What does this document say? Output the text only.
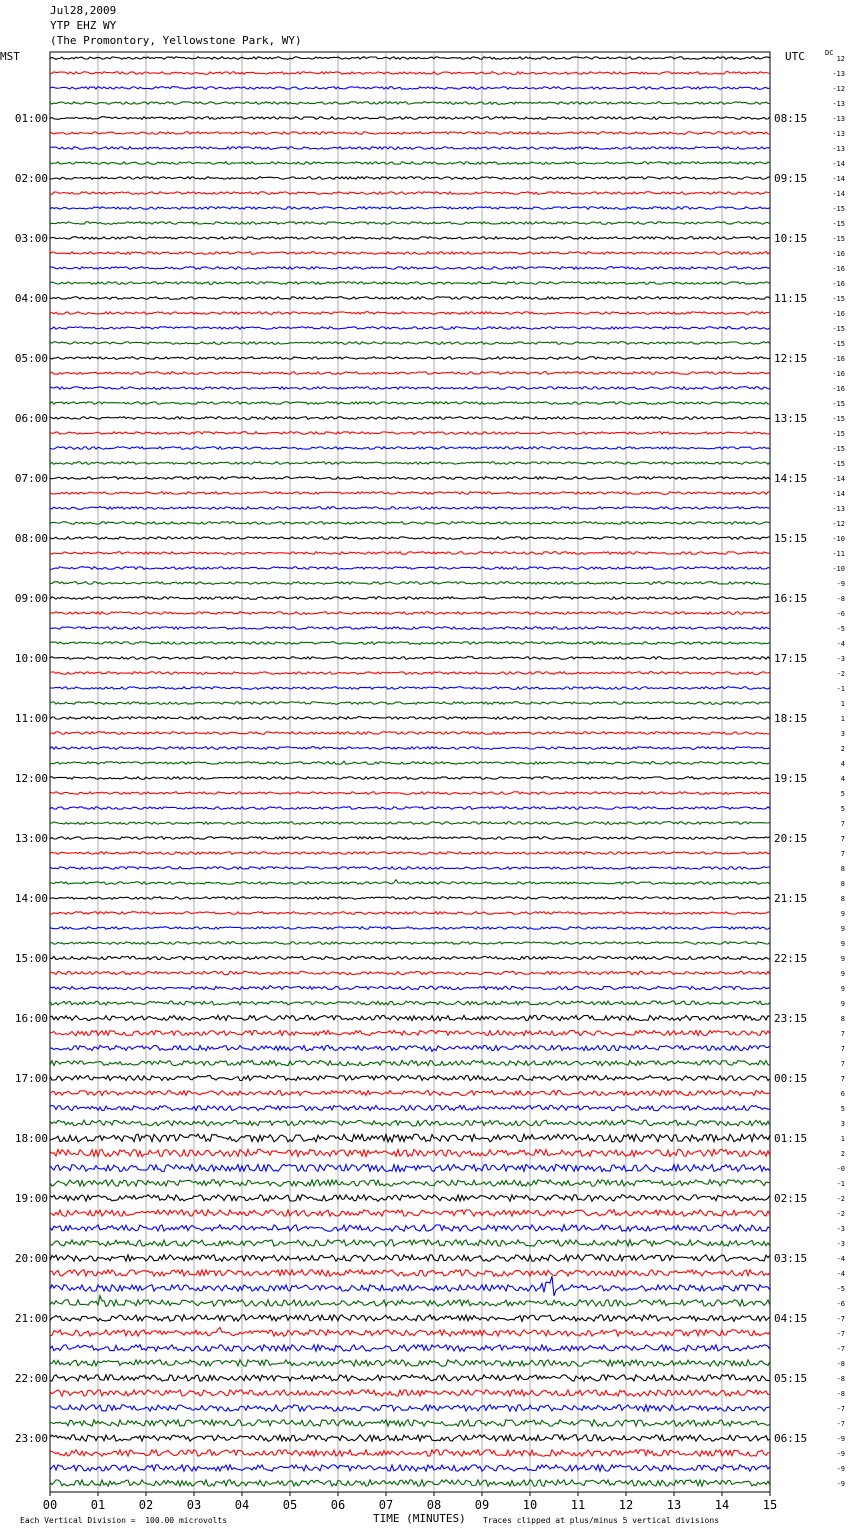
Jul28,2009
YTP EHZ WY
(The Promontory, Yellowstone Park, WY)
MST	UTC	DC
01:00
02:00
03:00
04:00
05:00
06:00
07:00
08:00
09:00
10:00
11:00
12:00
13:00
14:00
15:00
16:00
17:00
18:00
19:00
20:00
21:00
22:00
23:00
08:15
09:15
10:15
11:15
12:15
13:15
14:15
15:15
16:15
17:15
18:15
19:15
20:15
21:15
22:15
23:15
00:15
01:15
02:15
03:15
04:15
05:15
06:15
12
-13
-12
-13
-13
-13
-13
-14
-14
-14
-15
-15
-15
-16
-16
-16
-15
-16
-15
-15
-16
-16
-16
-15
-15
-15
-15
-15
-14
-14
-13
-12
-10
-11
-10
-9
-8
-6
-5
-4
-3
-2
-1
1
1
3
2
4
4
5
5
7
7
7
8
8
8
9
9
9
9
9
9
9
8
7
7
7
7
6
5
3
1
2
-0
-1
-2
-2
-3
-3
-4
-4
-5
-6
-7
-7
-7
-8
-8
-8
-7
-7
-9
-9
-9
-9
00	01	02	03	04	05	06	07	08	09	10	11	12	13	14	15
Each Vertical Division =  100.00 microvolts	TIME (MINUTES) Traces clipped at plus/minus 5 vertical divisions
